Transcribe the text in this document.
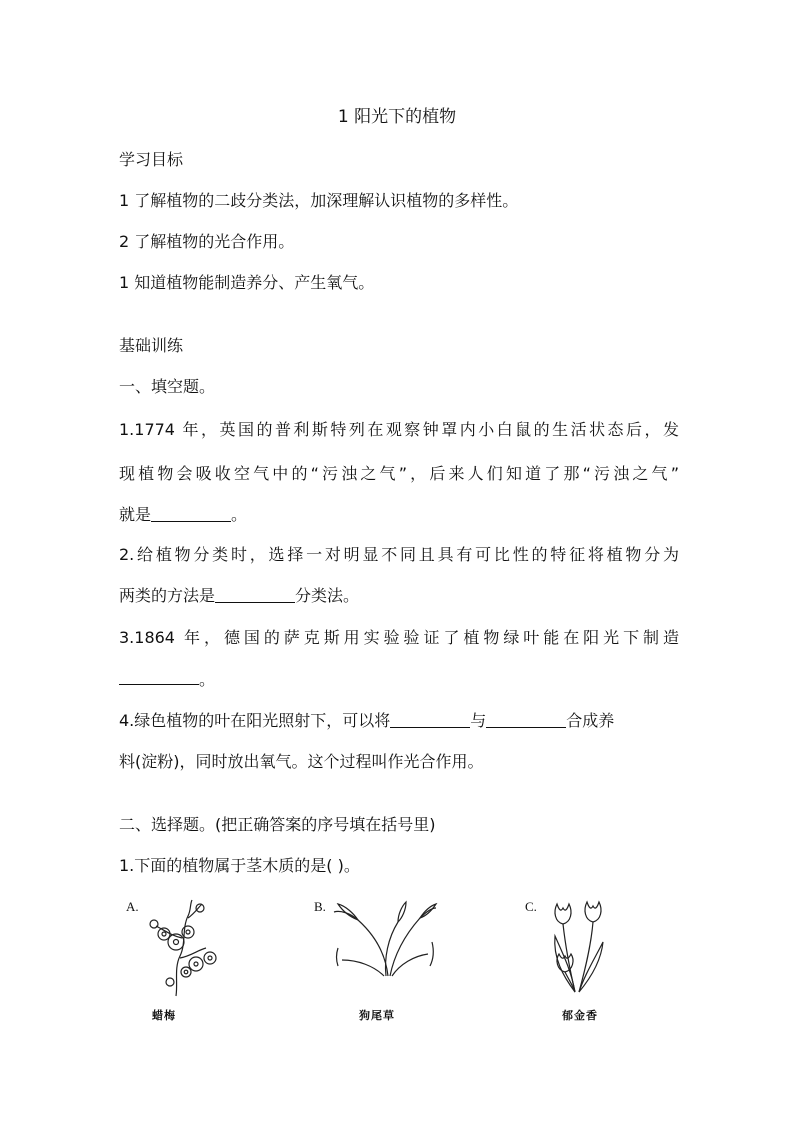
1 阳光下的植物
学习目标
1 了解植物的二歧分类法，加深理解认识植物的多样性。
2 了解植物的光合作用。
1 知道植物能制造养分、产生氧气。
基础训练
一、填空题。
1.1774 年，英国的普利斯特列在观察钟罩内小白鼠的生活状态后，发
现植物会吸收空气中的“污浊之气”，后来人们知道了那“污浊之气”
就是	。
2.给植物分类时，选择一对明显不同且具有可比性的特征将植物分为
两类的方法是	分类法。
3.1864 年，德国的萨克斯用实验验证了植物绿叶能在阳光下制造
。
4.绿色植物的叶在阳光照射下，可以将	与	合成养
料(淀粉)，同时放出氧气。这个过程叫作光合作用。
二、选择题。(把正确答案的序号填在括号里)
1.下面的植物属于茎木质的是( )。
A.
蜡梅
B.
狗尾草
C.
郁金香
